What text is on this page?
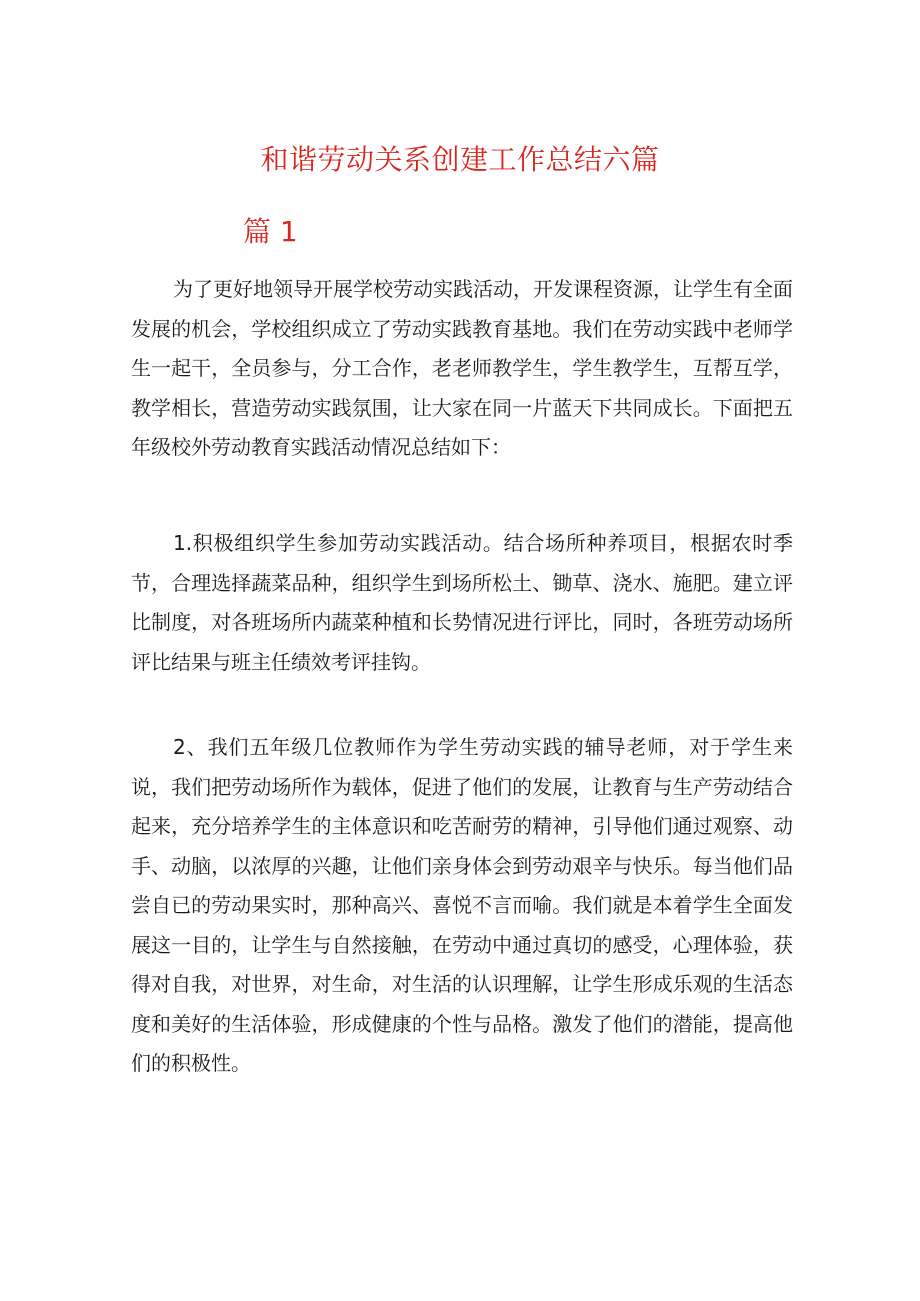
和谐劳动关系创建工作总结六篇
篇 1

为了更好地领导开展学校劳动实践活动，开发课程资源，让学生有全面发展的机会，学校组织成立了劳动实践教育基地。我们在劳动实践中老师学生一起干，全员参与，分工合作，老老师教学生，学生教学生，互帮互学，教学相长，营造劳动实践氛围，让大家在同一片蓝天下共同成长。下面把五年级校外劳动教育实践活动情况总结如下：

1.积极组织学生参加劳动实践活动。结合场所种养项目，根据农时季节，合理选择蔬菜品种，组织学生到场所松土、锄草、浇水、施肥。建立评比制度，对各班场所内蔬菜种植和长势情况进行评比，同时，各班劳动场所评比结果与班主任绩效考评挂钩。

2、我们五年级几位教师作为学生劳动实践的辅导老师，对于学生来说，我们把劳动场所作为载体，促进了他们的发展，让教育与生产劳动结合起来，充分培养学生的主体意识和吃苦耐劳的精神，引导他们通过观察、动手、动脑，以浓厚的兴趣，让他们亲身体会到劳动艰辛与快乐。每当他们品尝自已的劳动果实时，那种高兴、喜悦不言而喻。我们就是本着学生全面发展这一目的，让学生与自然接触，在劳动中通过真切的感受，心理体验，获得对自我，对世界，对生命，对生活的认识理解，让学生形成乐观的生活态度和美好的生活体验，形成健康的个性与品格。激发了他们的潜能，提高他们的积极性。
